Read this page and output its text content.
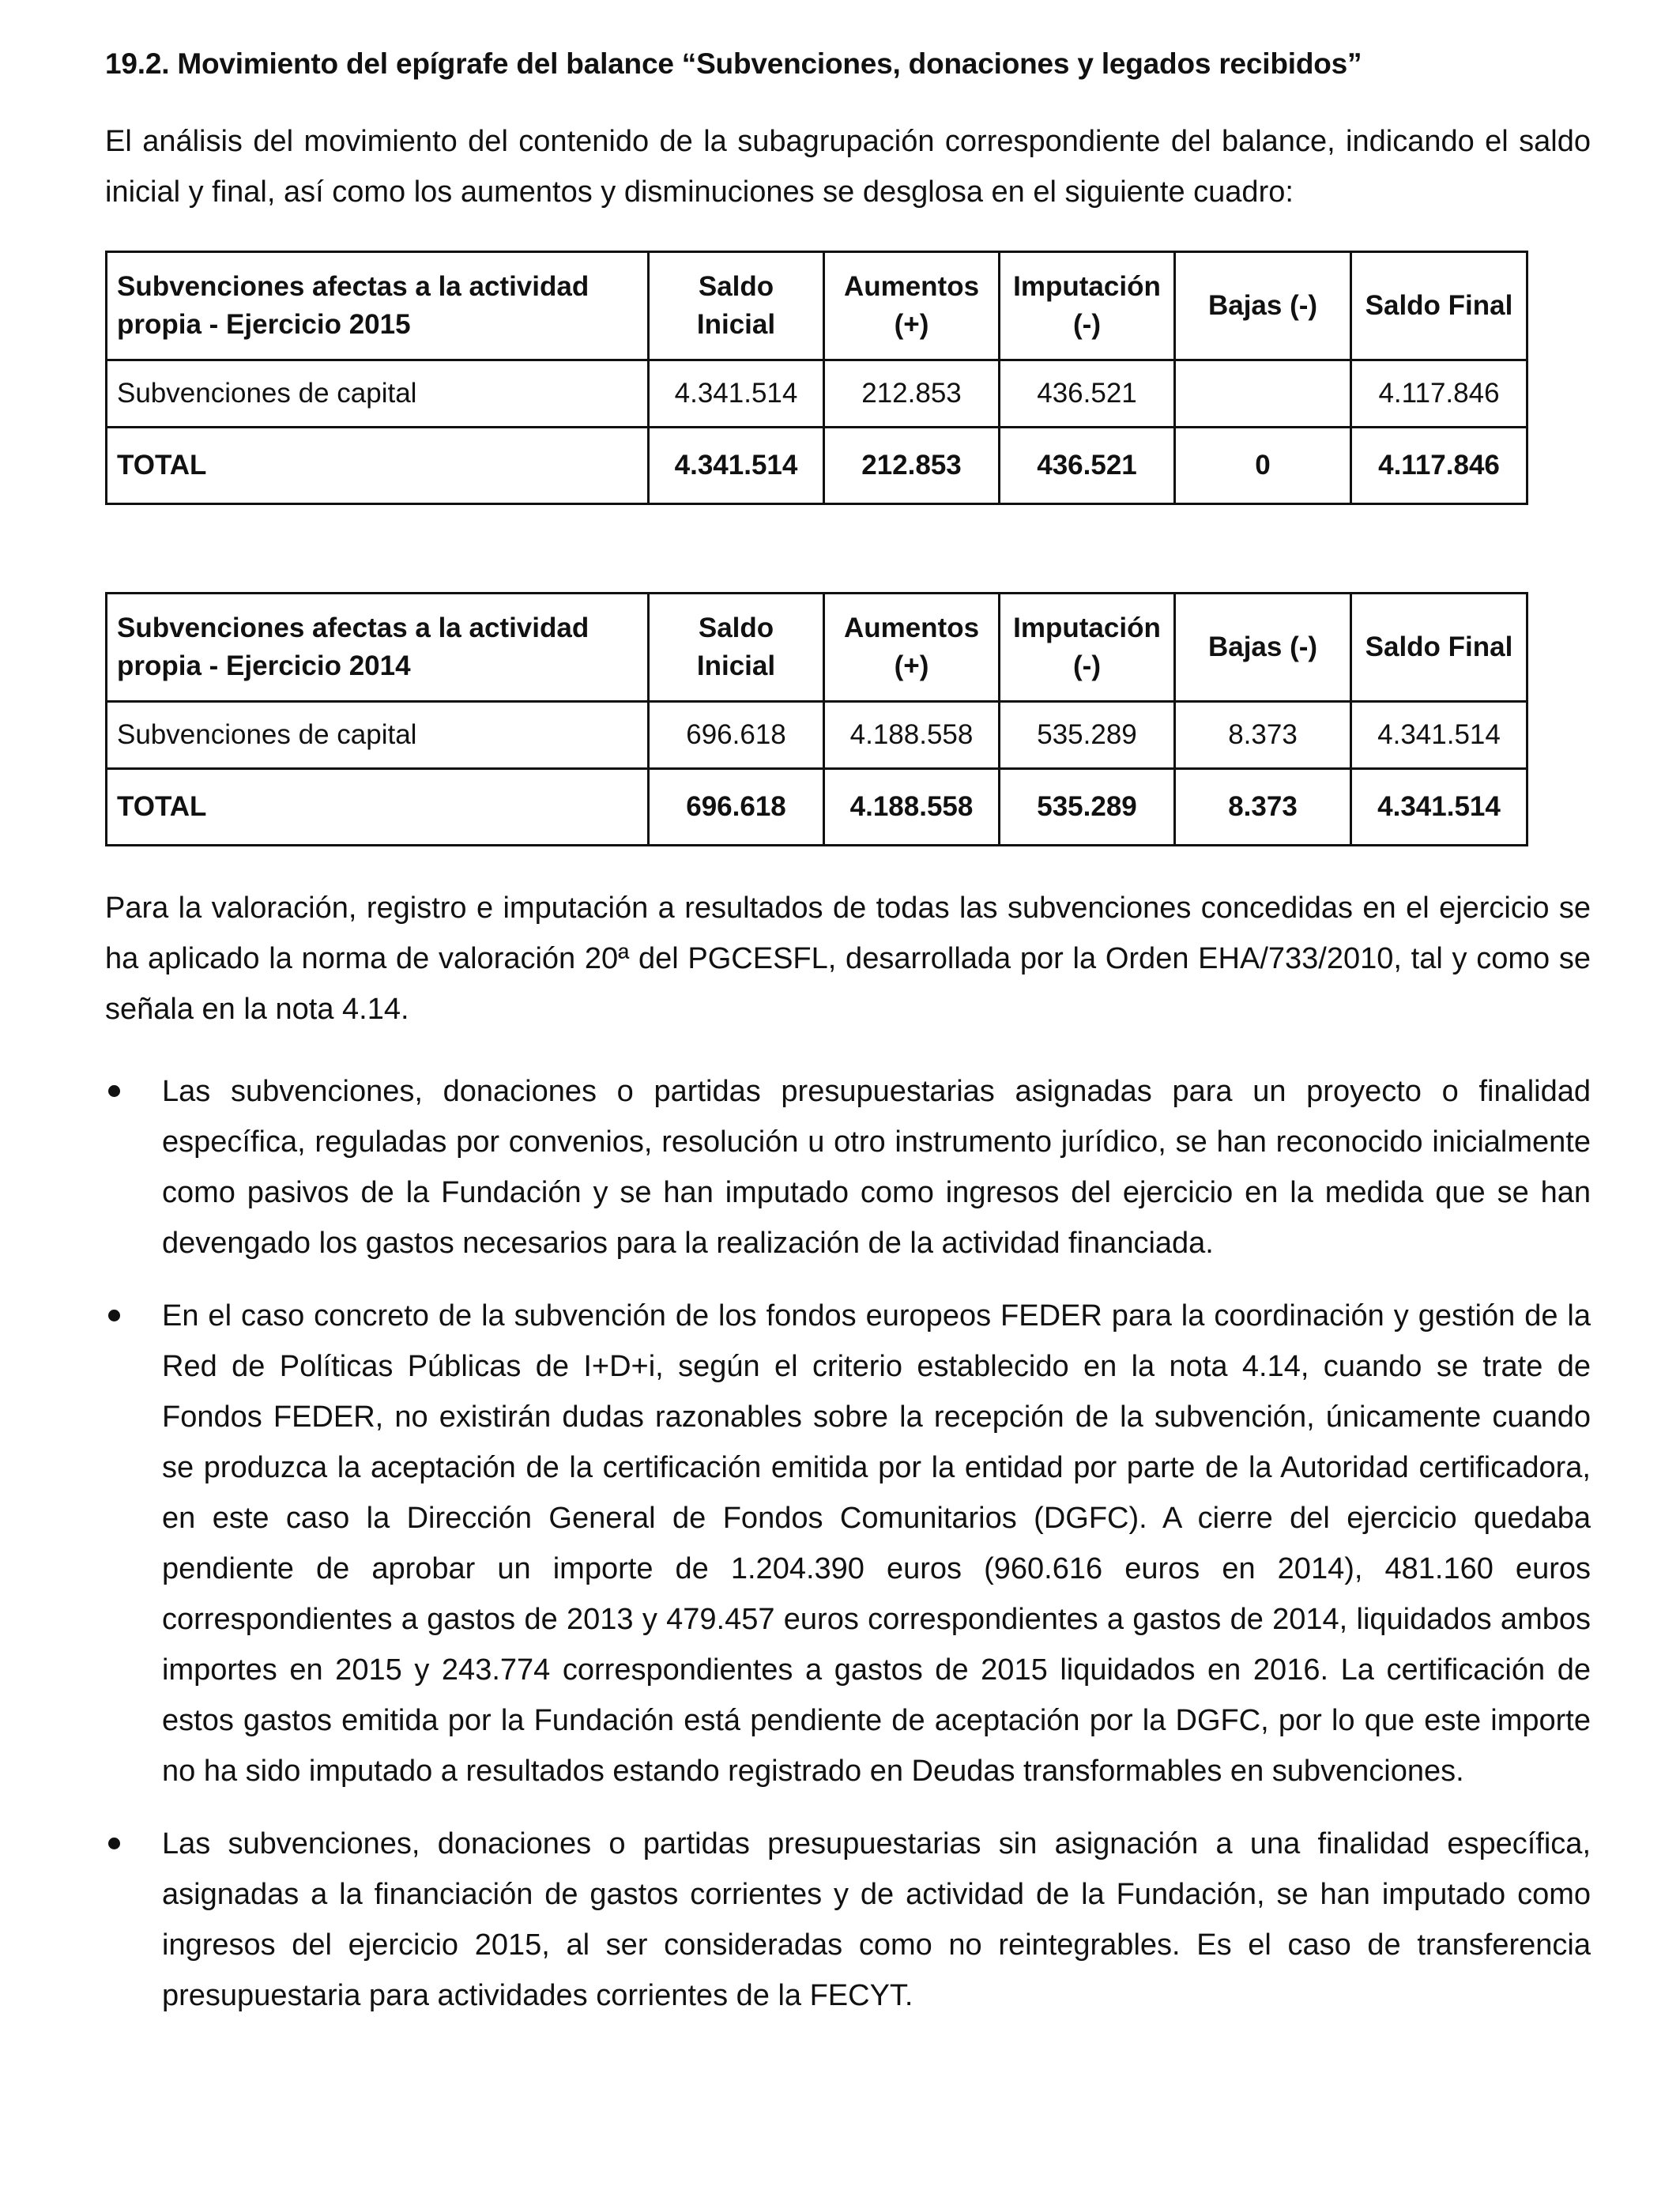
19.2. Movimiento del epígrafe del balance “Subvenciones, donaciones y legados recibidos”

El análisis del movimiento del contenido de la subagrupación correspondiente del balance, indicando el saldo inicial y final, así como los aumentos y disminuciones se desglosa en el siguiente cuadro:

Subvenciones afectas a la actividad propia - Ejercicio 2015	Saldo Inicial	Aumentos (+)	Imputación (-)	Bajas (-)	Saldo Final
Subvenciones de capital	4.341.514	212.853	436.521		4.117.846
TOTAL	4.341.514	212.853	436.521	0	4.117.846
Subvenciones afectas a la actividad propia - Ejercicio 2014	Saldo Inicial	Aumentos (+)	Imputación (-)	Bajas (-)	Saldo Final
Subvenciones de capital	696.618	4.188.558	535.289	8.373	4.341.514
TOTAL	696.618	4.188.558	535.289	8.373	4.341.514

Para la valoración, registro e imputación a resultados de todas las subvenciones concedidas en el ejercicio se ha aplicado la norma de valoración 20ª del PGCESFL, desarrollada por la Orden EHA/733/2010, tal y como se señala en la nota 4.14.

Las subvenciones, donaciones o partidas presupuestarias asignadas para un proyecto o finalidad específica, reguladas por convenios, resolución u otro instrumento jurídico, se han reconocido inicialmente como pasivos de la Fundación y se han imputado como ingresos del ejercicio en la medida que se han devengado los gastos necesarios para la realización de la actividad financiada.
En el caso concreto de la subvención de los fondos europeos FEDER para la coordinación y gestión de la Red de Políticas Públicas de I+D+i, según el criterio establecido en la nota 4.14, cuando se trate de Fondos FEDER, no existirán dudas razonables sobre la recepción de la subvención, únicamente cuando se produzca la aceptación de la certificación emitida por la entidad por parte de la Autoridad certificadora, en este caso la Dirección General de Fondos Comunitarios (DGFC). A cierre del ejercicio quedaba pendiente de aprobar un importe de 1.204.390 euros (960.616 euros en 2014), 481.160 euros correspondientes a gastos de 2013 y 479.457 euros correspondientes a gastos de 2014, liquidados ambos importes en 2015 y 243.774 correspondientes a gastos de 2015 liquidados en 2016. La certificación de estos gastos emitida por la Fundación está pendiente de aceptación por la DGFC, por lo que este importe no ha sido imputado a resultados estando registrado en Deudas transformables en subvenciones.
Las subvenciones, donaciones o partidas presupuestarias sin asignación a una finalidad específica, asignadas a la financiación de gastos corrientes y de actividad de la Fundación, se han imputado como ingresos del ejercicio 2015, al ser consideradas como no reintegrables. Es el caso de transferencia presupuestaria para actividades corrientes de la FECYT.
